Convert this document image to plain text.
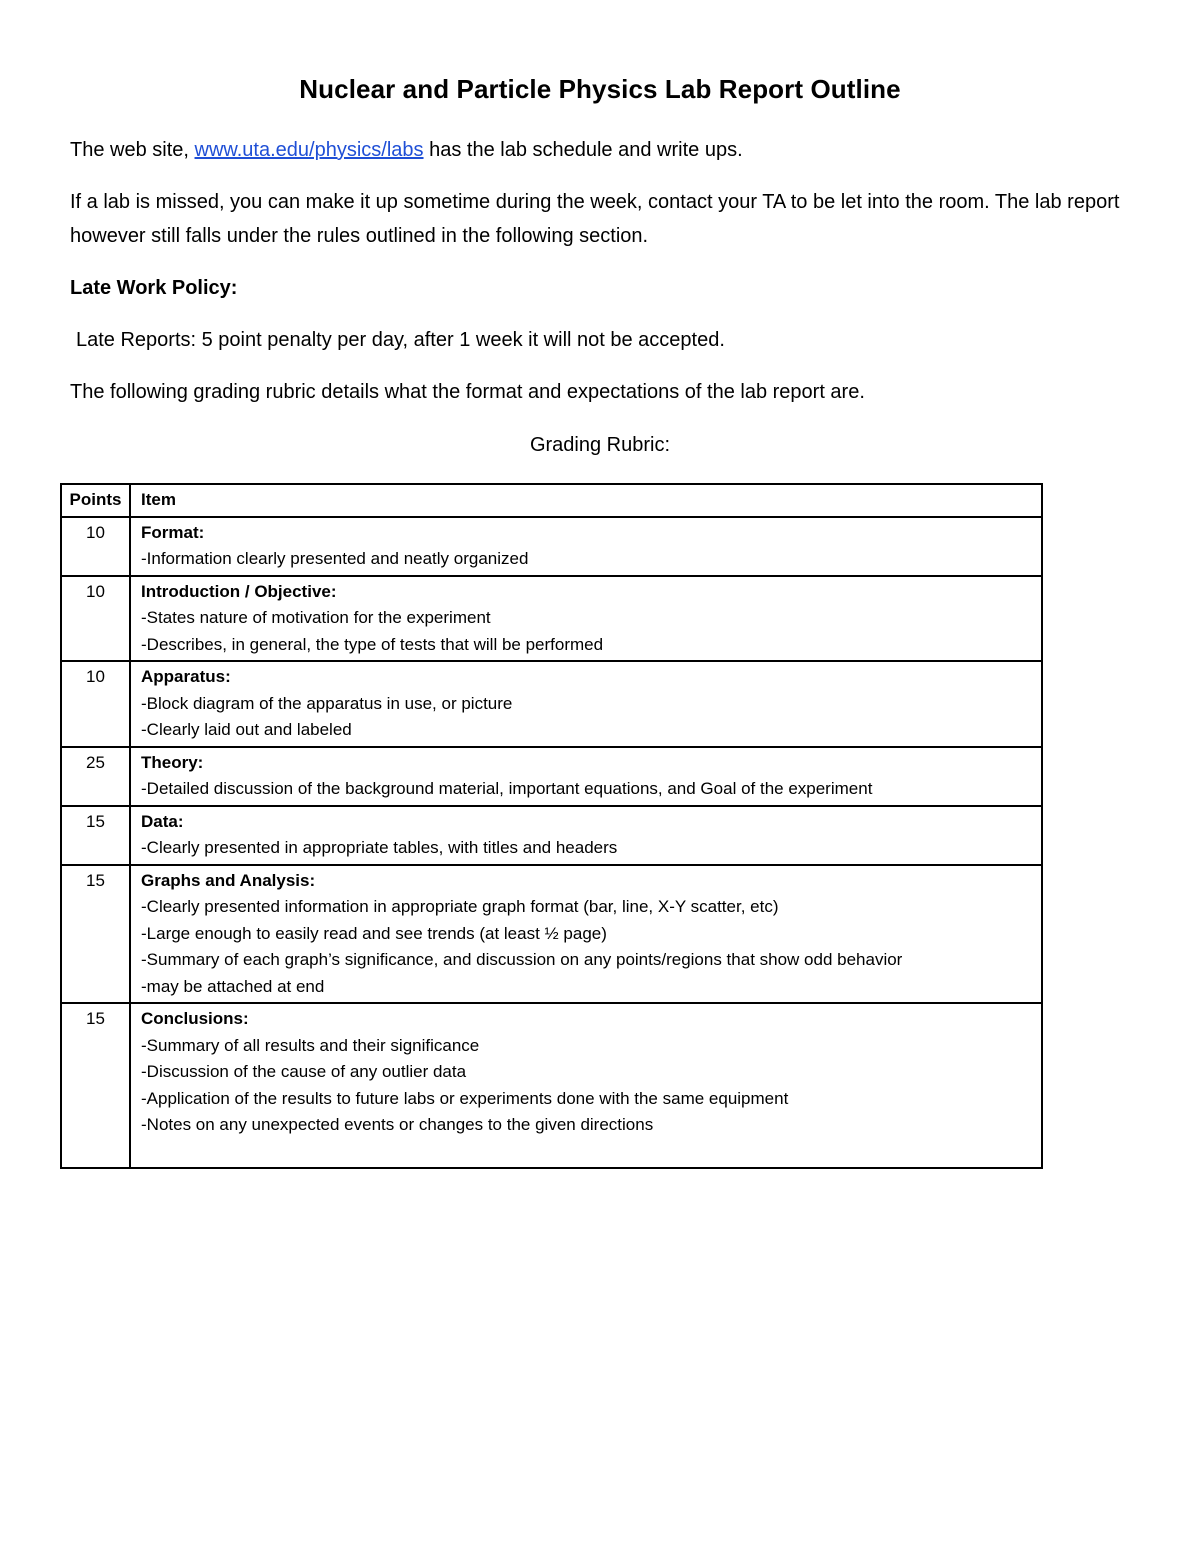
Nuclear and Particle Physics Lab Report Outline
The web site, www.uta.edu/physics/labs has the lab schedule and write ups.
If a lab is missed, you can make it up sometime during the week, contact your TA to be let into the room. The lab report however still falls under the rules outlined in the following section.
Late Work Policy:
Late Reports: 5 point penalty per day, after 1 week it will not be accepted.
The following grading rubric details what the format and expectations of the lab report are.
Grading Rubric:
Points	Item
10	Format:
-Information clearly presented and neatly organized

10	Introduction / Objective:
-States nature of motivation for the experiment
-Describes, in general, the type of tests that will be performed

10	Apparatus:
-Block diagram of the apparatus in use, or picture
-Clearly laid out and labeled

25	Theory:
-Detailed discussion of the background material, important equations, and Goal of the experiment

15	Data:
-Clearly presented in appropriate tables, with titles and headers

15	Graphs and Analysis:
-Clearly presented information in appropriate graph format (bar, line, X-Y scatter, etc)
-Large enough to easily read and see trends (at least ½ page)
-Summary of each graph’s significance, and discussion on any points/regions that show odd behavior
-may be attached at end

15	Conclusions:
-Summary of all results and their significance
-Discussion of the cause of any outlier data
-Application of the results to future labs or experiments done with the same equipment
-Notes on any unexpected events or changes to the given directions
